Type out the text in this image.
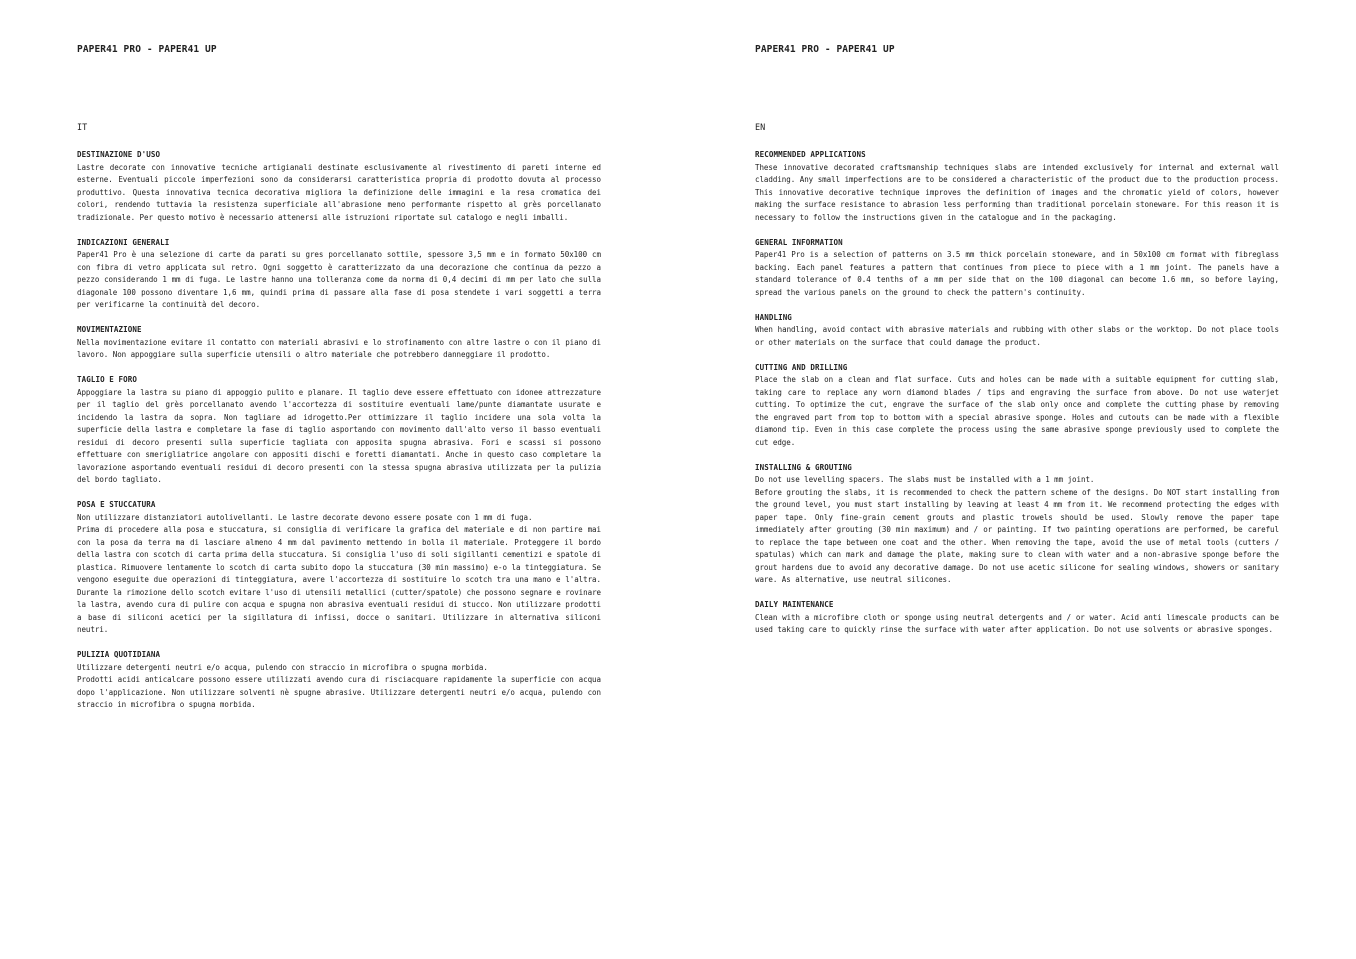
PAPER41 PRO - PAPER41 UP
IT
DESTINAZIONE D'USO

Lastre decorate con innovative tecniche artigianali destinate esclusivamente al rivestimento di pareti interne ed esterne. Eventuali piccole imperfezioni sono da considerarsi caratteristica propria di prodotto dovuta al processo produttivo. Questa innovativa tecnica decorativa migliora la definizione delle immagini e la resa cromatica dei colori, rendendo tuttavia la resistenza superficiale all'abrasione meno performante rispetto al grès porcellanato tradizionale. Per questo motivo è necessario attenersi alle istruzioni riportate sul catalogo e negli imballi.

INDICAZIONI GENERALI

Paper41 Pro è una selezione di carte da parati su gres porcellanato sottile, spessore 3,5 mm e in formato 50x100 cm con fibra di vetro applicata sul retro. Ogni soggetto è caratterizzato da una decorazione che continua da pezzo a pezzo considerando 1 mm di fuga. Le lastre hanno una tolleranza come da norma di 0,4 decimi di mm per lato che sulla diagonale 100 possono diventare 1,6 mm, quindi prima di passare alla fase di posa stendete i vari soggetti a terra per verificarne la continuità del decoro.

MOVIMENTAZIONE

Nella movimentazione evitare il contatto con materiali abrasivi e lo strofinamento con altre lastre o con il piano di lavoro. Non appoggiare sulla superficie utensili o altro materiale che potrebbero danneggiare il prodotto.

TAGLIO E FORO

Appoggiare la lastra su piano di appoggio pulito e planare. Il taglio deve essere effettuato con idonee attrezzature per il taglio del grès porcellanato avendo l'accortezza di sostituire eventuali lame/punte diamantate usurate e incidendo la lastra da sopra. Non tagliare ad idrogetto.Per ottimizzare il taglio incidere una sola volta la superficie della lastra e completare la fase di taglio asportando con movimento dall'alto verso il basso eventuali residui di decoro presenti sulla superficie tagliata con apposita spugna abrasiva. Fori e scassi si possono effettuare con smerigliatrice angolare con appositi dischi e foretti diamantati. Anche in questo caso completare la lavorazione asportando eventuali residui di decoro presenti con la stessa spugna abrasiva utilizzata per la pulizia del bordo tagliato.

POSA E STUCCATURA

Non utilizzare distanziatori autolivellanti. Le lastre decorate devono essere posate con 1 mm di fuga.

Prima di procedere alla posa e stuccatura, si consiglia di verificare la grafica del materiale e di non partire mai con la posa da terra ma di lasciare almeno 4 mm dal pavimento mettendo in bolla il materiale. Proteggere il bordo della lastra con scotch di carta prima della stuccatura. Si consiglia l'uso di soli sigillanti cementizi e spatole di plastica. Rimuovere lentamente lo scotch di carta subito dopo la stuccatura (30 min massimo) e-o la tinteggiatura. Se vengono eseguite due operazioni di tinteggiatura, avere l'accortezza di sostituire lo scotch tra una mano e l'altra. Durante la rimozione dello scotch evitare l'uso di utensili metallici (cutter/spatole) che possono segnare e rovinare la lastra, avendo cura di pulire con acqua e spugna non abrasiva eventuali residui di stucco. Non utilizzare prodotti a base di siliconi acetici per la sigillatura di infissi, docce o sanitari. Utilizzare in alternativa siliconi neutri.

PULIZIA QUOTIDIANA

Utilizzare detergenti neutri e/o acqua, pulendo con straccio in microfibra o spugna morbida.

Prodotti acidi anticalcare possono essere utilizzati avendo cura di risciacquare rapidamente la superficie con acqua dopo l'applicazione. Non utilizzare solventi nè spugne abrasive. Utilizzare detergenti neutri e/o acqua, pulendo con straccio in microfibra o spugna morbida.

PAPER41 PRO - PAPER41 UP
EN
RECOMMENDED APPLICATIONS

These innovative decorated craftsmanship techniques slabs are intended exclusively for internal and external wall cladding. Any small imperfections are to be considered a characteristic of the product due to the production process. This innovative decorative technique improves the definition of images and the chromatic yield of colors, however making the surface resistance to abrasion less performing than traditional porcelain stoneware. For this reason it is necessary to follow the instructions given in the catalogue and in the packaging.

GENERAL INFORMATION

Paper41 Pro is a selection of patterns on 3.5 mm thick porcelain stoneware, and in 50x100 cm format with fibreglass backing. Each panel features a pattern that continues from piece to piece with a 1 mm joint. The panels have a standard tolerance of 0.4 tenths of a mm per side that on the 100 diagonal can become 1.6 mm, so before laying, spread the various panels on the ground to check the pattern's continuity.

HANDLING

When handling, avoid contact with abrasive materials and rubbing with other slabs or the worktop. Do not place tools or other materials on the surface that could damage the product.

CUTTING AND DRILLING

Place the slab on a clean and flat surface. Cuts and holes can be made with a suitable equipment for cutting slab, taking care to replace any worn diamond blades / tips and engraving the surface from above. Do not use waterjet cutting. To optimize the cut, engrave the surface of the slab only once and complete the cutting phase by removing the engraved part from top to bottom with a special abrasive sponge. Holes and cutouts can be made with a flexible diamond tip. Even in this case complete the process using the same abrasive sponge previously used to complete the cut edge.

INSTALLING & GROUTING

Do not use levelling spacers. The slabs must be installed with a 1 mm joint.

Before grouting the slabs, it is recommended to check the pattern scheme of the designs. Do NOT start installing from the ground level, you must start installing by leaving at least 4 mm from it. We recommend protecting the edges with paper tape. Only fine-grain cement grouts and plastic trowels should be used. Slowly remove the paper tape immediately after grouting (30 min maximum) and / or painting. If two painting operations are performed, be careful to replace the tape between one coat and the other. When removing the tape, avoid the use of metal tools (cutters / spatulas) which can mark and damage the plate, making sure to clean with water and a non-abrasive sponge before the grout hardens due to avoid any decorative damage. Do not use acetic silicone for sealing windows, showers or sanitary ware. As alternative, use neutral silicones.

DAILY MAINTENANCE

Clean with a microfibre cloth or sponge using neutral detergents and / or water. Acid anti limescale products can be used taking care to quickly rinse the surface with water after application. Do not use solvents or abrasive sponges.
